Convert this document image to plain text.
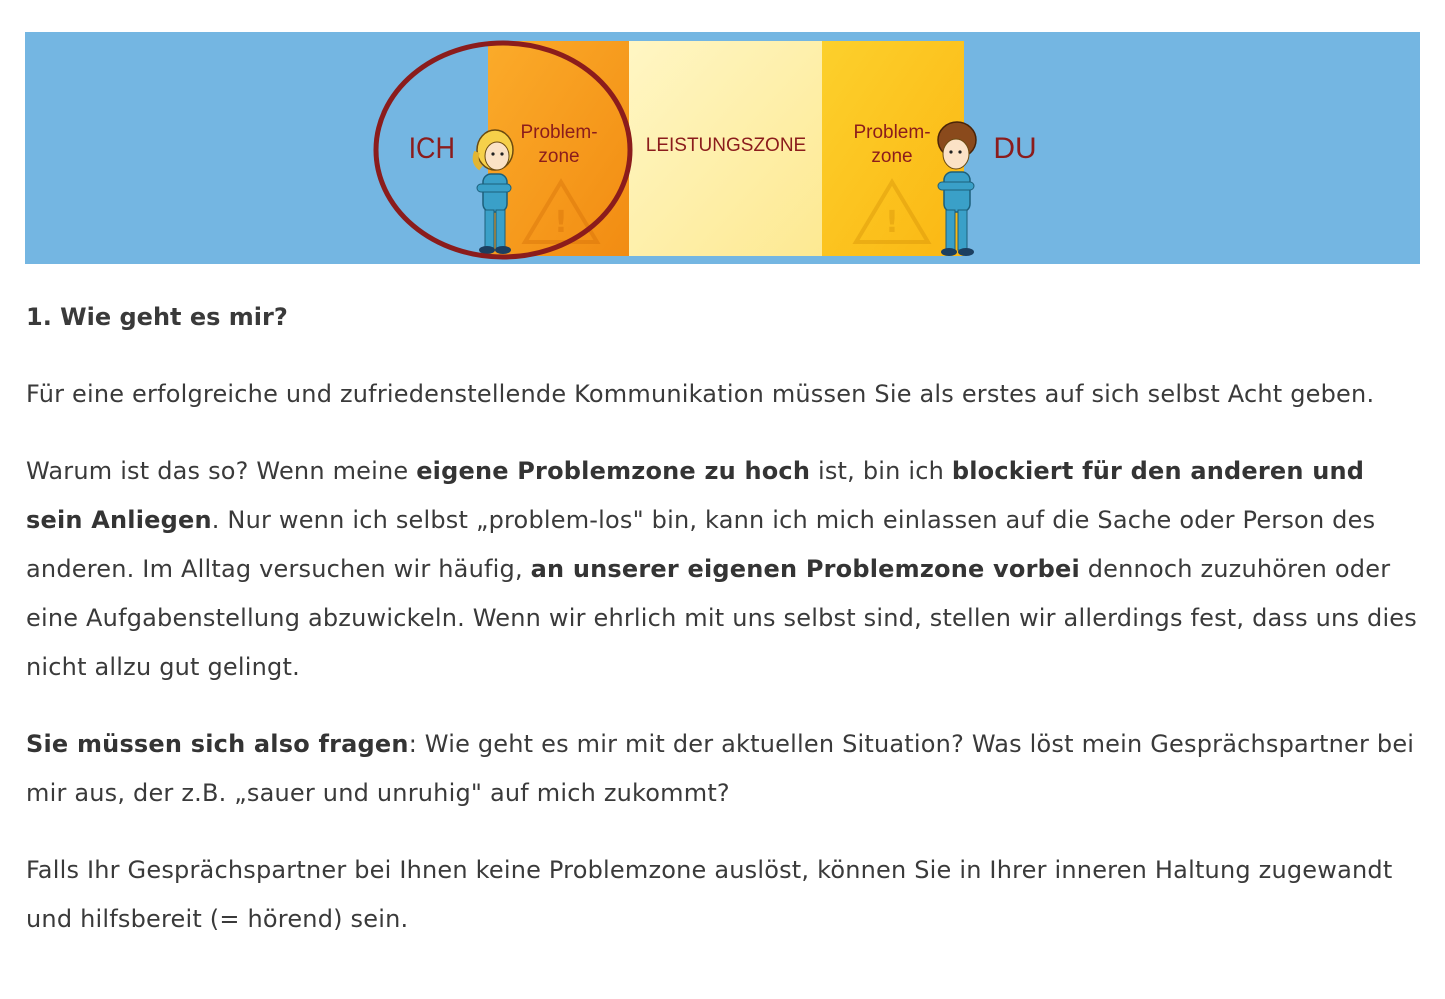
!	!
ICH	DU
Problem-
zone
LEISTUNGSZONE
Problem-
zone
1. Wie geht es mir?

Für eine erfolgreiche und zufriedenstellende Kommunikation müssen Sie als erstes auf sich selbst Acht geben.

Warum ist das so? Wenn meine eigene Problemzone zu hoch ist, bin ich blockiert für den anderen und sein Anliegen. Nur wenn ich selbst „problem-los" bin, kann ich mich einlassen auf die Sache oder Person des anderen. Im Alltag versuchen wir häufig, an unserer eigenen Problemzone vorbei dennoch zuzuhören oder eine Aufgabenstellung abzuwickeln. Wenn wir ehrlich mit uns selbst sind, stellen wir allerdings fest, dass uns dies nicht allzu gut gelingt.

Sie müssen sich also fragen: Wie geht es mir mit der aktuellen Situation? Was löst mein Gesprächspartner bei mir aus, der z.B. „sauer und unruhig" auf mich zukommt?

Falls Ihr Gesprächspartner bei Ihnen keine Problemzone auslöst, können Sie in Ihrer inneren Haltung zugewandt und hilfsbereit (= hörend) sein.
